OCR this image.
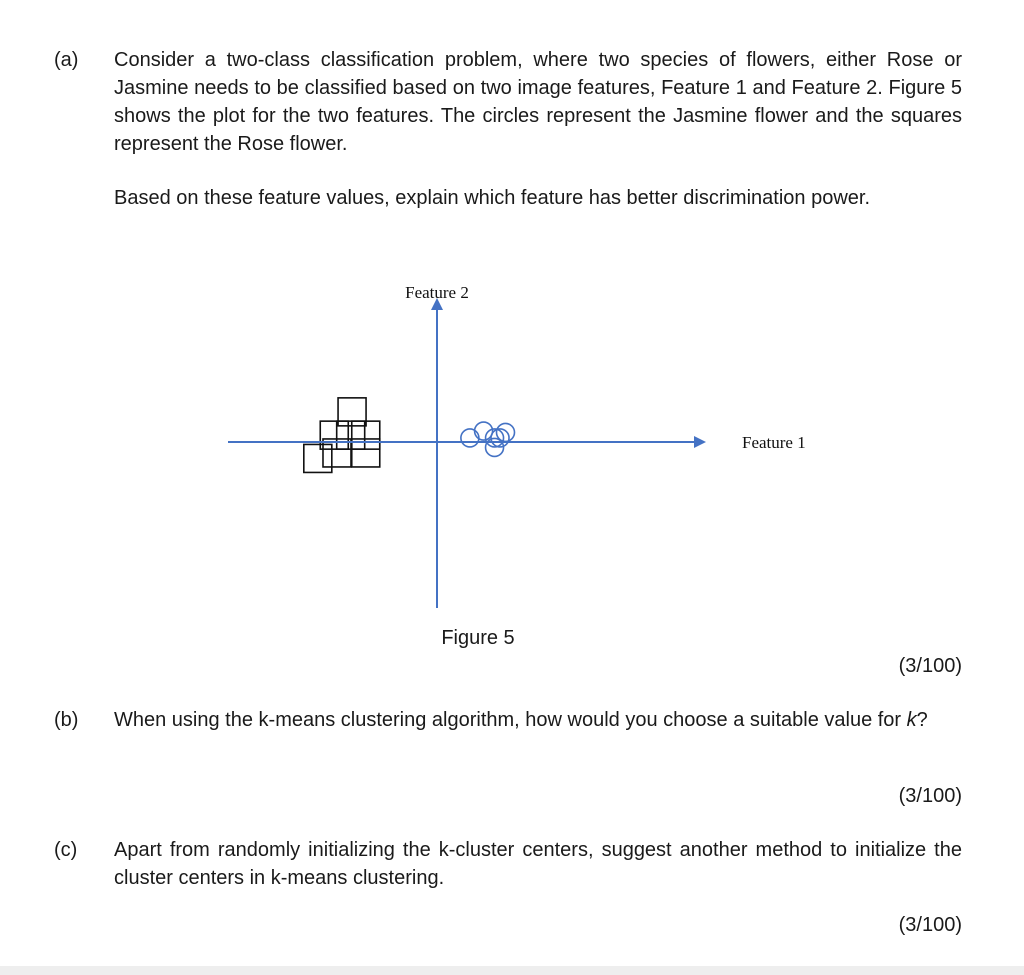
(a) Consider a two-class classification problem, where two species of flowers, either Rose or Jasmine needs to be classified based on two image features, Feature 1 and Feature 2. Figure 5 shows the plot for the two features. The circles represent the Jasmine flower and the squares represent the Rose flower.
Based on these feature values, explain which feature has better discrimination power.
Feature 1
Feature 2
Figure 5
(3/100)
(b) When using the k-means clustering algorithm, how would you choose a suitable value for k?
(3/100)
(c) Apart from randomly initializing the k-cluster centers, suggest another method to initialize the cluster centers in k-means clustering.
(3/100)
